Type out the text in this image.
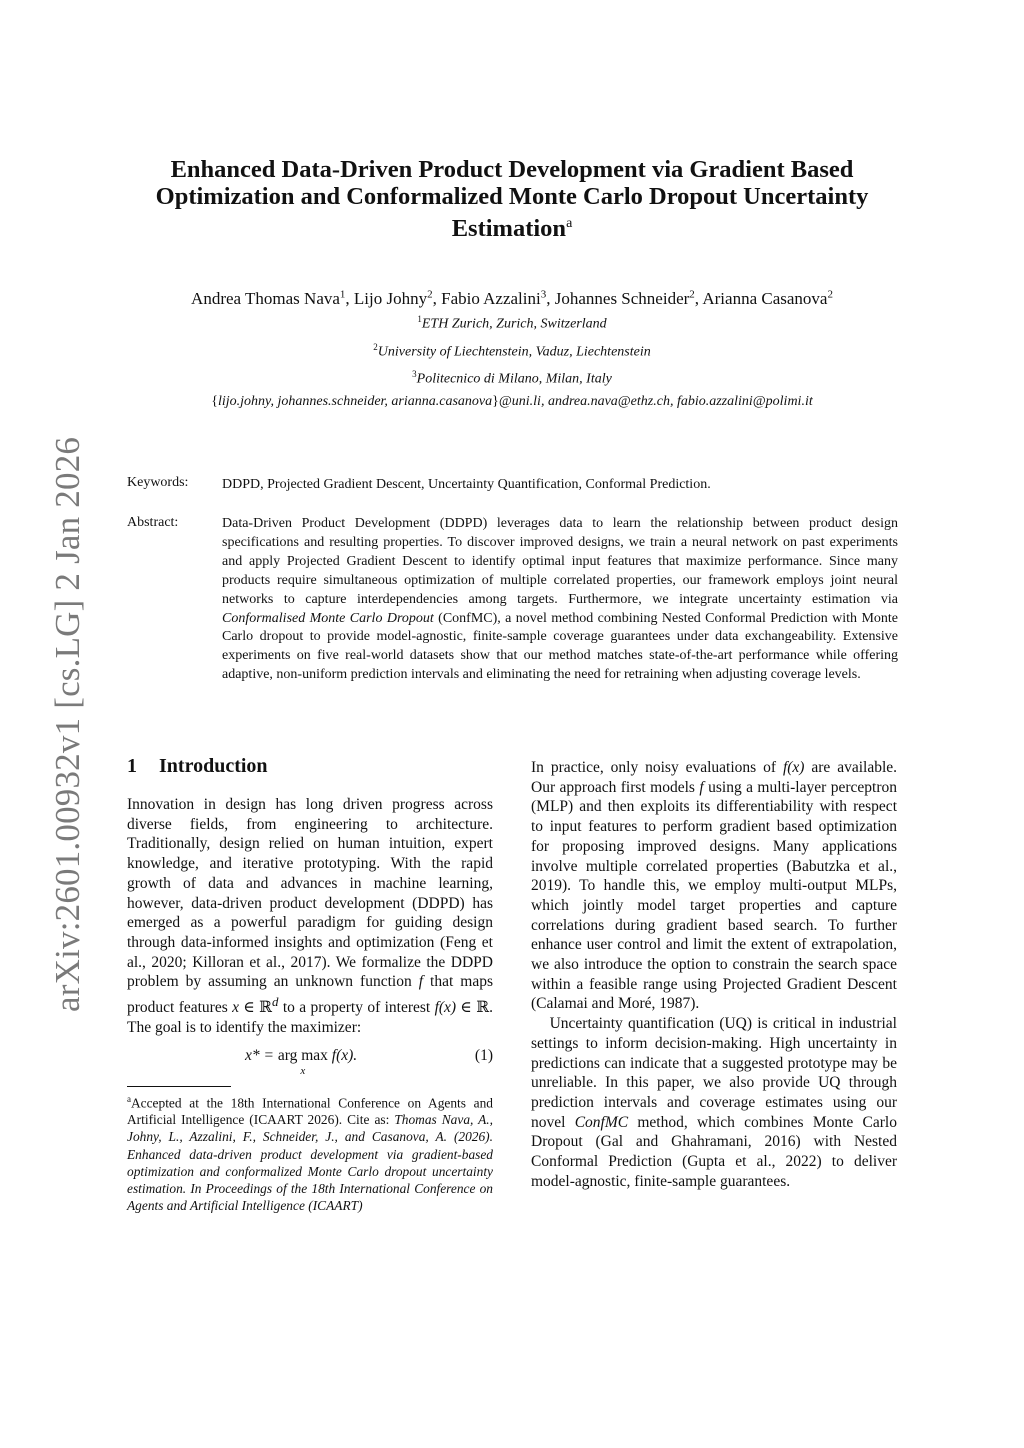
arXiv:2601.00932v1 [cs.LG] 2 Jan 2026
Enhanced Data-Driven Product Development via Gradient Based
Optimization and Conformalized Monte Carlo Dropout Uncertainty
Estimation$^a$
Andrea Thomas Nava$^1$, Lijo Johny$^2$, Fabio Azzalini$^3$, Johannes Schneider$^2$, Arianna Casanova$^2$
$^1$ETH Zurich, Zurich, Switzerland
$^2$University of Liechtenstein, Vaduz, Liechtenstein
$^3$Politecnico di Milano, Milan, Italy
{lijo.johny, johannes.schneider, arianna.casanova}@uni.li, andrea.nava@ethz.ch, fabio.azzalini@polimi.it
Keywords: DDPD, Projected Gradient Descent, Uncertainty Quantification, Conformal Prediction.
Abstract:	Data-Driven Product Development (DDPD) leverages data to learn the relationship between product design specifications and resulting properties. To discover improved designs, we train a neural network on past experiments and apply Projected Gradient Descent to identify optimal input features that maximize performance. Since many products require simultaneous optimization of multiple correlated properties, our framework employs joint neural networks to capture interdependencies among targets. Furthermore, we integrate uncertainty estimation via Conformalised Monte Carlo Dropout (ConfMC), a novel method combining Nested Conformal Prediction with Monte Carlo dropout to provide model-agnostic, finite-sample coverage guarantees under data exchangeability. Extensive experiments on five real-world datasets show that our method matches state-of-the-art performance while offering adaptive, non-uniform prediction intervals and eliminating the need for retraining when adjusting coverage levels.
1 Introduction

Innovation in design has long driven progress across diverse fields, from engineering to architecture. Traditionally, design relied on human intuition, expert knowledge, and iterative prototyping. With the rapid growth of data and advances in machine learning, however, data-driven product development (DDPD) has emerged as a powerful paradigm for guiding design through data-informed insights and optimization (Feng et al., 2020; Killoran et al., 2017). We formalize the DDPD problem by assuming an unknown function f that maps product features x ∈ ℝ$^d$ to a property of interest f(x) ∈ ℝ. The goal is to identify the maximizer:

x* = arg max
x
f(x).	(1)
$^a$Accepted at the 18th International Conference on Agents and Artificial Intelligence (ICAART 2026). Cite as: Thomas Nava, A., Johny, L., Azzalini, F., Schneider, J., and Casanova, A. (2026). Enhanced data-driven product development via gradient-based optimization and conformalized Monte Carlo dropout uncertainty estimation. In Proceedings of the 18th International Conference on Agents and Artificial Intelligence (ICAART)

In practice, only noisy evaluations of f(x) are available. Our approach first models f using a multi-layer perceptron (MLP) and then exploits its differentiability with respect to input features to perform gradient based optimization for proposing improved designs. Many applications involve multiple correlated properties (Babutzka et al., 2019). To handle this, we employ multi-output MLPs, which jointly model target properties and capture correlations during gradient based search. To further enhance user control and limit the extent of extrapolation, we also introduce the option to constrain the search space within a feasible range using Projected Gradient Descent (Calamai and Moré, 1987).

Uncertainty quantification (UQ) is critical in industrial settings to inform decision-making. High uncertainty in predictions can indicate that a suggested prototype may be unreliable. In this paper, we also provide UQ through prediction intervals and coverage estimates using our novel ConfMC method, which combines Monte Carlo Dropout (Gal and Ghahramani, 2016) with Nested Conformal Prediction (Gupta et al., 2022) to deliver model-agnostic, finite-sample guarantees.
